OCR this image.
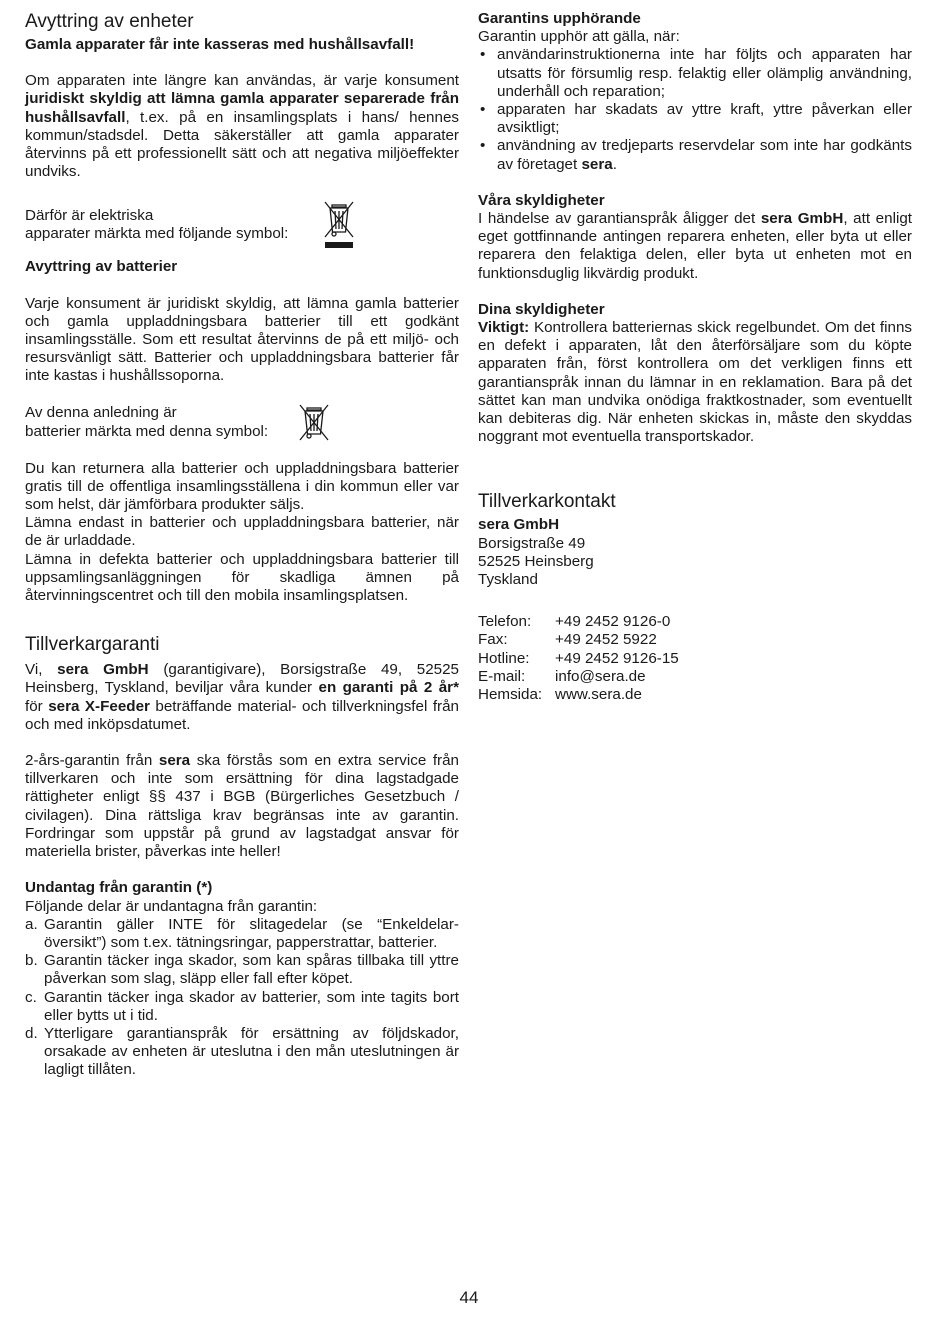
Avyttring av enheter

Gamla apparater får inte kasseras med hushållsavfall!

Om apparaten inte längre kan användas, är varje konsument juridiskt skyldig att lämna gamla apparater separerade från hushållsavfall, t.ex. på en insamlingsplats i hans/ hennes kommun/stadsdel. Detta säkerställer att gamla apparater återvinns på ett professionellt sätt och att negativa miljöeffekter undviks.

Därför är elektriska
apparater märkta med följande symbol:

Avyttring av batterier

Varje konsument är juridiskt skyldig, att lämna gamla batterier och gamla uppladdningsbara batterier till ett godkänt insamlingsställe. Som ett resultat återvinns de på ett miljö- och resursvänligt sätt. Batterier och uppladdningsbara batterier får inte kastas i hushållssoporna.

Av denna anledning är
batterier märkta med denna symbol:

Du kan returnera alla batterier och uppladdningsbara batterier gratis till de offentliga insamlingsställena i din kommun eller var som helst, där jämförbara produkter säljs.

Lämna endast in batterier och uppladdningsbara batterier, när de är urladdade.

Lämna in defekta batterier och uppladdningsbara batterier till uppsamlingsanläggningen för skadliga ämnen på återvinningscentret och till den mobila insamlingsplatsen.

Tillverkargaranti

Vi, sera GmbH (garantigivare), Borsigstraße 49, 52525 Heinsberg, Tyskland, beviljar våra kunder en garanti på 2 år* för sera X-Feeder beträffande material- och tillverkningsfel från och med inköpsdatumet.

2-års-garantin från sera ska förstås som en extra service från tillverkaren och inte som ersättning för dina lagstadgade rättigheter enligt §§ 437 i BGB (Bürgerliches Gesetzbuch / civilagen). Dina rättsliga krav begränsas inte av garantin. Fordringar som uppstår på grund av lagstadgat ansvar för materiella brister, påverkas inte heller!

Undantag från garantin (*)

Följande delar är undantagna från garantin:

a. Garantin gäller INTE för slitagedelar (se “Enkeldelar-översikt”) som t.ex. tätningsringar, papperstrattar, batterier.
b. Garantin täcker inga skador, som kan spåras tillbaka till yttre påverkan som slag, släpp eller fall efter köpet.
c. Garantin täcker inga skador av batterier, som inte tagits bort eller bytts ut i tid.
d. Ytterligare garantianspråk för ersättning av följdskador, orsakade av enheten är uteslutna i den mån uteslutningen är lagligt tillåten.

Garantins upphörande

Garantin upphör att gälla, när:

• användarinstruktionerna inte har följts och apparaten har utsatts för försumlig resp. felaktig eller olämplig användning, underhåll och reparation;
• apparaten har skadats av yttre kraft, yttre påverkan eller avsiktligt;
• användning av tredjeparts reservdelar som inte har godkänts av företaget sera.

Våra skyldigheter

I händelse av garantianspråk åligger det sera GmbH, att enligt eget gottfinnande antingen reparera enheten, eller byta ut eller reparera den felaktiga delen, eller byta ut enheten mot en funktionsduglig likvärdig produkt.

Dina skyldigheter

Viktigt: Kontrollera batteriernas skick regelbundet. Om det finns en defekt i apparaten, låt den återförsäljare som du köpte apparaten från, först kontrollera om det verkligen finns ett garantianspråk innan du lämnar in en reklamation. Bara på det sättet kan man undvika onödiga fraktkostnader, som eventuellt kan debiteras dig. När enheten skickas in, måste den skyddas noggrant mot eventuella transportskador.

Tillverkarkontakt

sera GmbH

Borsigstraße 49

52525 Heinsberg

Tyskland

Telefon:	+49 2452 9126-0
Fax:	+49 2452 5922
Hotline:	+49 2452 9126-15
E-mail:	info@sera.de
Hemsida: www.sera.de
44
